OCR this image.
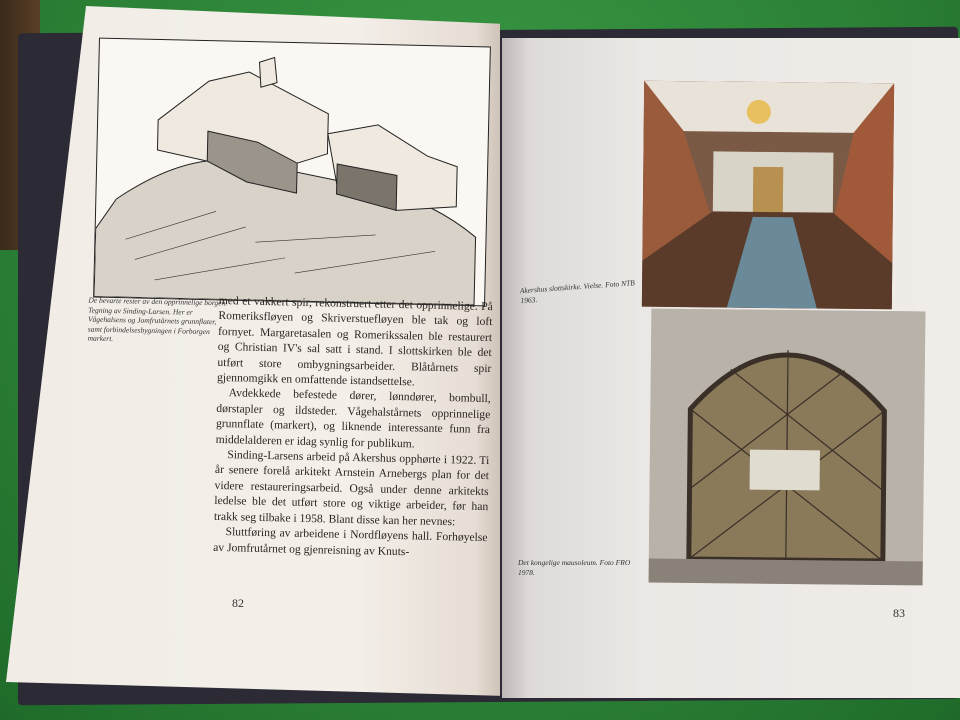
De bevarte rester av den opprinnelige borgen. Tegning av Sinding-Larsen. Her er Vågehalsens og Jomfrutårnets grunnflater, samt forbindelsesbygningen i Forborgen markert.

med et vakkert spir, rekonstruert etter det opprinnelige. På Romeriksfløyen og Skriverstuefløyen ble tak og loft fornyet. Margaretasalen og Romerikssalen ble restaurert og Christian IV's sal satt i stand. I slottskirken ble det utført store ombygningsarbeider. Blåtårnets spir gjennomgikk en omfattende istandsettelse.

Avdekkede befestede dører, lønndører, bombull, dørstapler og ildsteder. Vågehalstårnets opprinnelige grunnflate (markert), og liknende interessante funn fra middelalderen er idag synlig for publikum.

Sinding-Larsens arbeid på Akershus opphørte i 1922. Ti år senere forelå arkitekt Arnstein Arnebergs plan for det videre restaureringsarbeid. Også under denne arkitekts ledelse ble det utført store og viktige arbeider, før han trakk seg tilbake i 1958. Blant disse kan her nevnes:

Sluttføring av arbeidene i Nordfløyens hall. Forhøyelse av Jomfrutårnet og gjenreisning av Knuts-

82
Akershus slottskirke. Vielse. Foto NTB 1963.
Det kongelige mausoleum. Foto FRO 1978.
83
